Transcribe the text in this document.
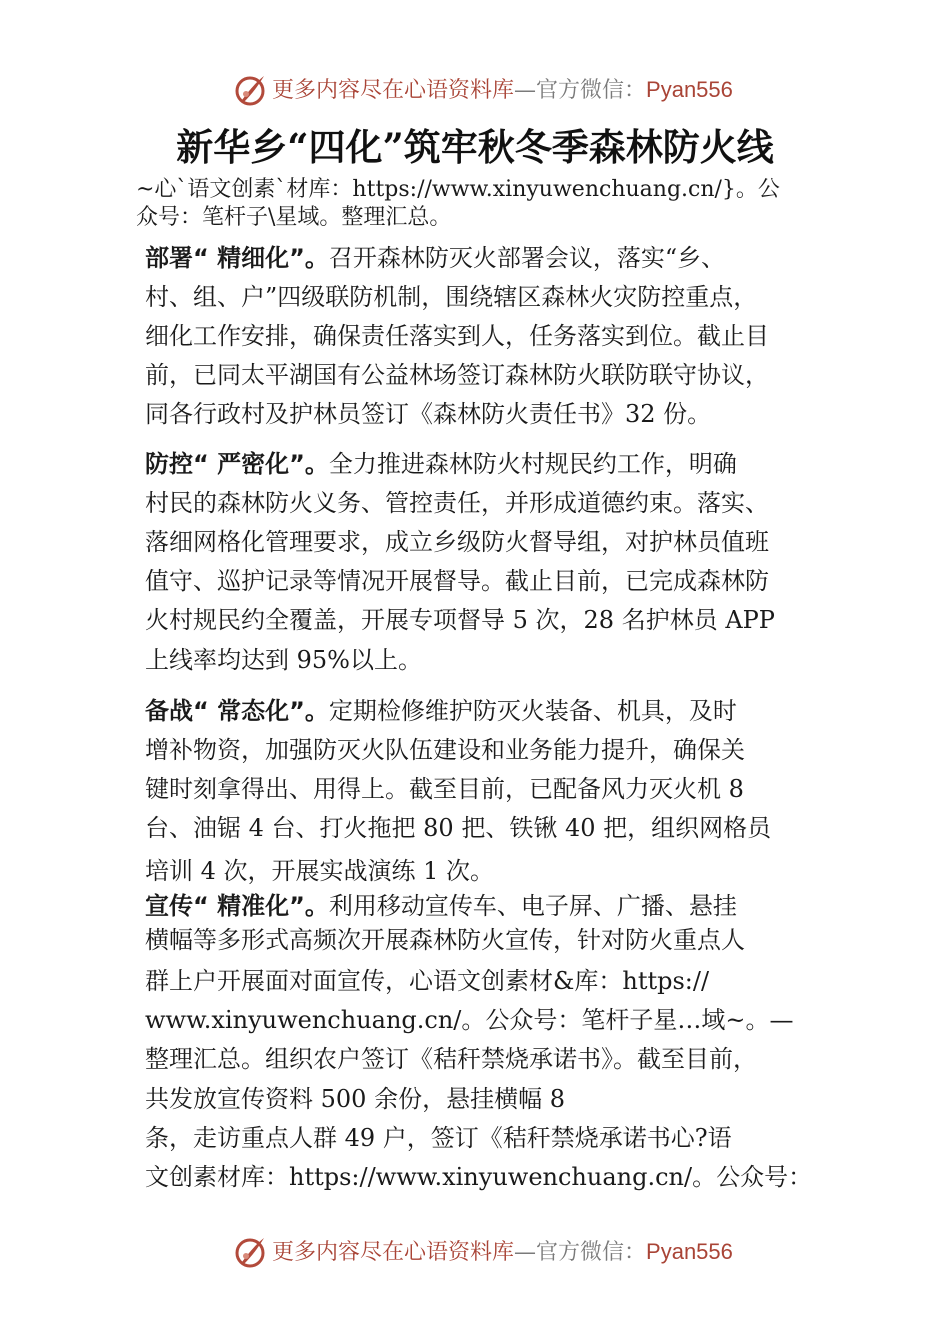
更多内容尽在心语资料库—官方微信：Pyan556
新华乡“四化”筑牢秋冬季森林防火线
~心`语文创素`材库：https://www.xinyuwenchuang.cn/}。公
众号：笔杆子\星域。整理汇总。
部署“ 精细化”。召开森林防灭火部署会议，落实“乡、
村、组、户”四级联防机制，围绕辖区森林火灾防控重点，
细化工作安排，确保责任落实到人，任务落实到位。截止目
前，已同太平湖国有公益林场签订森林防火联防联守协议，
同各行政村及护林员签订《森林防火责任书》32 份。
防控“ 严密化”。全力推进森林防火村规民约工作，明确
村民的森林防火义务、管控责任，并形成道德约束。落实、
落细网格化管理要求，成立乡级防火督导组，对护林员值班
值守、巡护记录等情况开展督导。截止目前，已完成森林防
火村规民约全覆盖，开展专项督导 5 次，28 名护林员 APP
上线率均达到 95%以上。
备战“ 常态化”。定期检修维护防灭火装备、机具，及时
增补物资，加强防灭火队伍建设和业务能力提升，确保关
键时刻拿得出、用得上。截至目前，已配备风力灭火机 8
台、油锯 4 台、打火拖把 80 把、铁锹 40 把，组织网格员
培训 4 次，开展实战演练 1 次。
宣传“ 精准化”。利用移动宣传车、电子屏、广播、悬挂
横幅等多形式高频次开展森林防火宣传，针对防火重点人
群上户开展面对面宣传，心语文创素材&库：https://
www.xinyuwenchuang.cn/。公众号：笔杆子星…域~。—
整理汇总。组织农户签订《秸秆禁烧承诺书》。截至目前，
共发放宣传资料 500 余份，悬挂横幅 8
条，走访重点人群 49 户，签订《秸秆禁烧承诺书心?语
文创素材库：https://www.xinyuwenchuang.cn/。公众号：
更多内容尽在心语资料库—官方微信：Pyan556
